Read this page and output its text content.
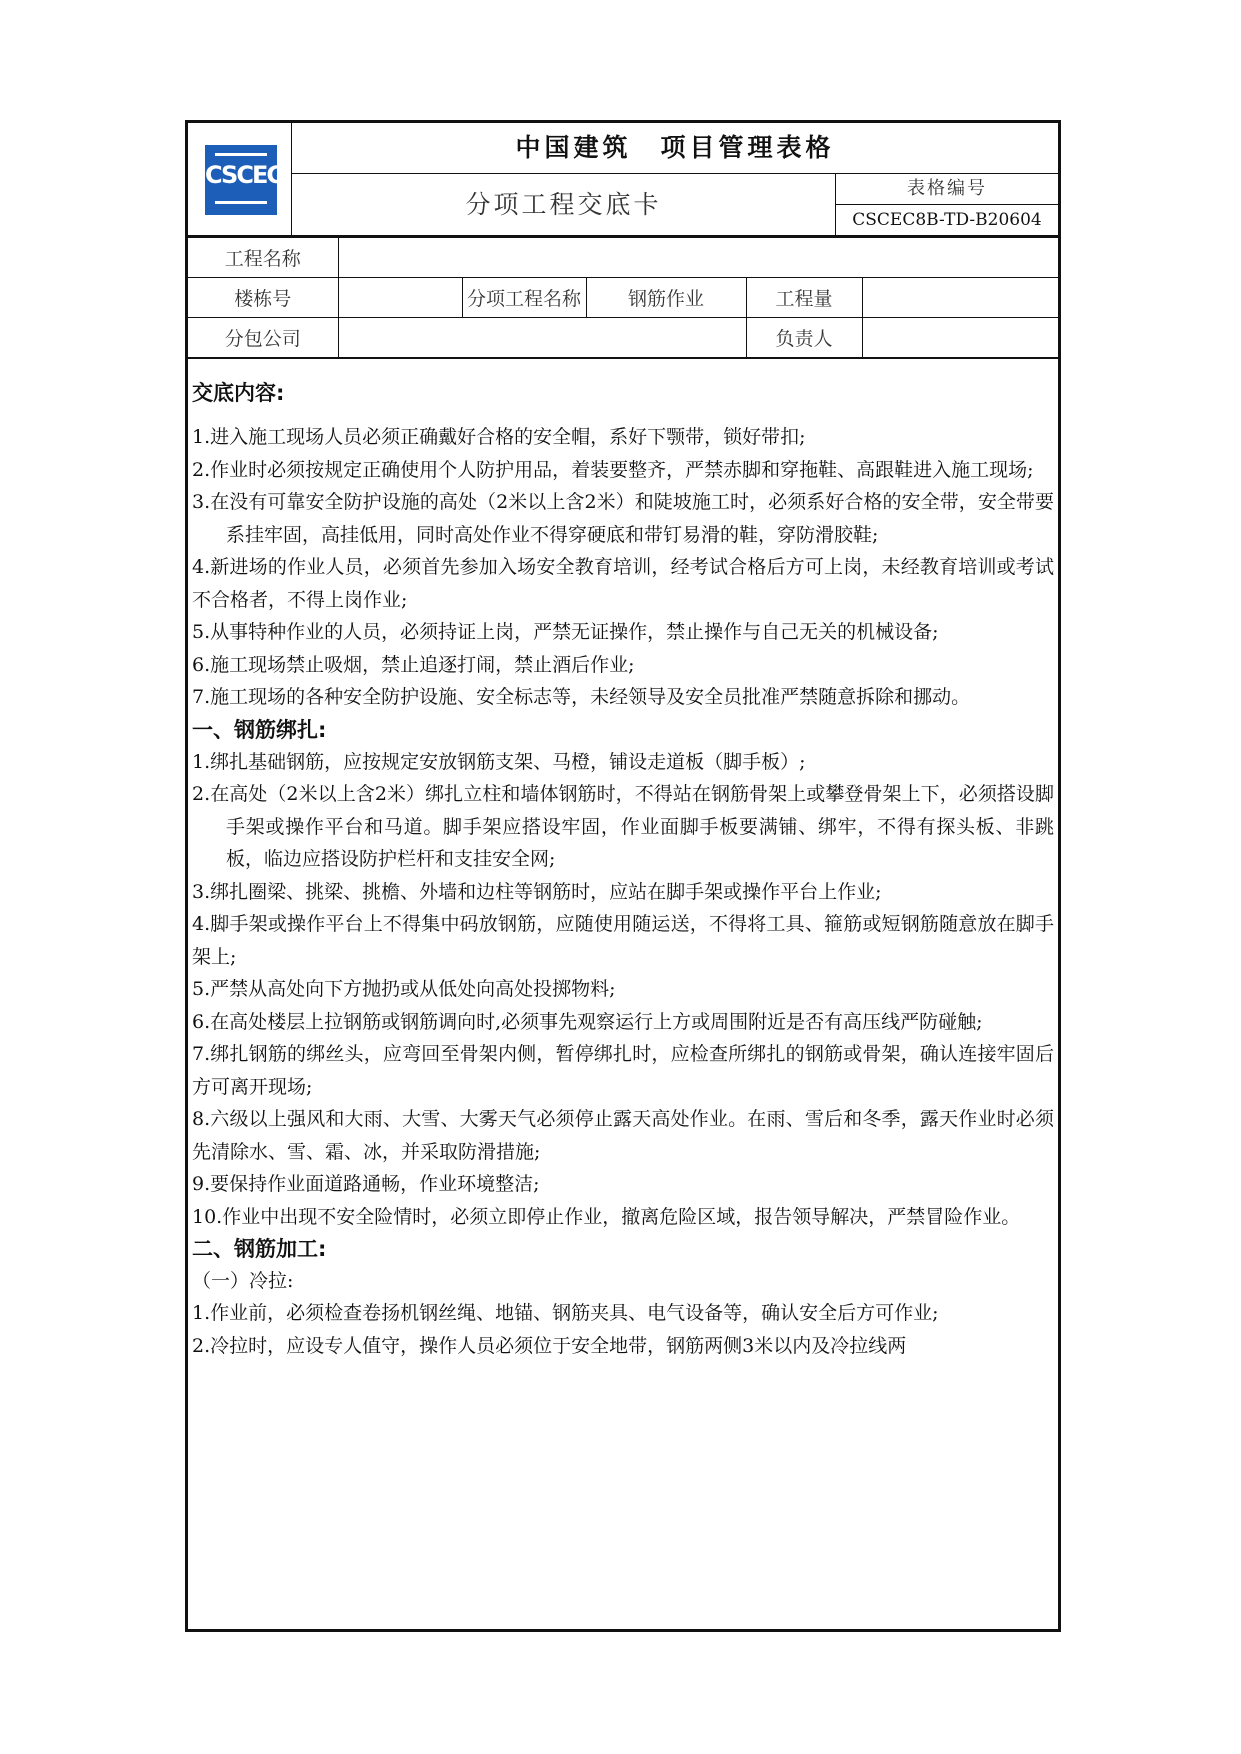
CSCEC
中国建筑　项目管理表格
分项工程交底卡
表格编号
CSCEC8B-TD-B20604
工程名称					
楼栋号		分项工程名称	钢筋作业	工程量	
分包公司				负责人	
交底内容:
1.进入施工现场人员必须正确戴好合格的安全帽，系好下颚带，锁好带扣;
2.作业时必须按规定正确使用个人防护用品，着装要整齐，严禁赤脚和穿拖鞋、高跟鞋进入施工现场;
3.在没有可靠安全防护设施的高处（2米以上含2米）和陡坡施工时，必须系好合格的安全带，安全带要系挂牢固，高挂低用，同时高处作业不得穿硬底和带钉易滑的鞋，穿防滑胶鞋;
4.新进场的作业人员，必须首先参加入场安全教育培训，经考试合格后方可上岗，未经教育培训或考试不合格者，不得上岗作业;
5.从事特种作业的人员，必须持证上岗，严禁无证操作，禁止操作与自己无关的机械设备;
6.施工现场禁止吸烟，禁止追逐打闹，禁止酒后作业;
7.施工现场的各种安全防护设施、安全标志等，未经领导及安全员批准严禁随意拆除和挪动。
一、钢筋绑扎:
1.绑扎基础钢筋，应按规定安放钢筋支架、马橙，铺设走道板（脚手板）;
2.在高处（2米以上含2米）绑扎立柱和墙体钢筋时，不得站在钢筋骨架上或攀登骨架上下，必须搭设脚手架或操作平台和马道。脚手架应搭设牢固，作业面脚手板要满铺、绑牢，不得有探头板、非跳板，临边应搭设防护栏杆和支挂安全网;
3.绑扎圈梁、挑梁、挑檐、外墙和边柱等钢筋时，应站在脚手架或操作平台上作业;
4.脚手架或操作平台上不得集中码放钢筋，应随使用随运送，不得将工具、箍筋或短钢筋随意放在脚手架上;
5.严禁从高处向下方抛扔或从低处向高处投掷物料;
6.在高处楼层上拉钢筋或钢筋调向时,必须事先观察运行上方或周围附近是否有高压线严防碰触;
7.绑扎钢筋的绑丝头，应弯回至骨架内侧，暂停绑扎时，应检查所绑扎的钢筋或骨架，确认连接牢固后方可离开现场;
8.六级以上强风和大雨、大雪、大雾天气必须停止露天高处作业。在雨、雪后和冬季，露天作业时必须先清除水、雪、霜、冰，并采取防滑措施;
9.要保持作业面道路通畅，作业环境整洁;
10.作业中出现不安全险情时，必须立即停止作业，撤离危险区域，报告领导解决，严禁冒险作业。
二、钢筋加工:
（一）冷拉:
1.作业前，必须检查卷扬机钢丝绳、地锚、钢筋夹具、电气设备等，确认安全后方可作业;
2.冷拉时，应设专人值守，操作人员必须位于安全地带，钢筋两侧3米以内及冷拉线两
